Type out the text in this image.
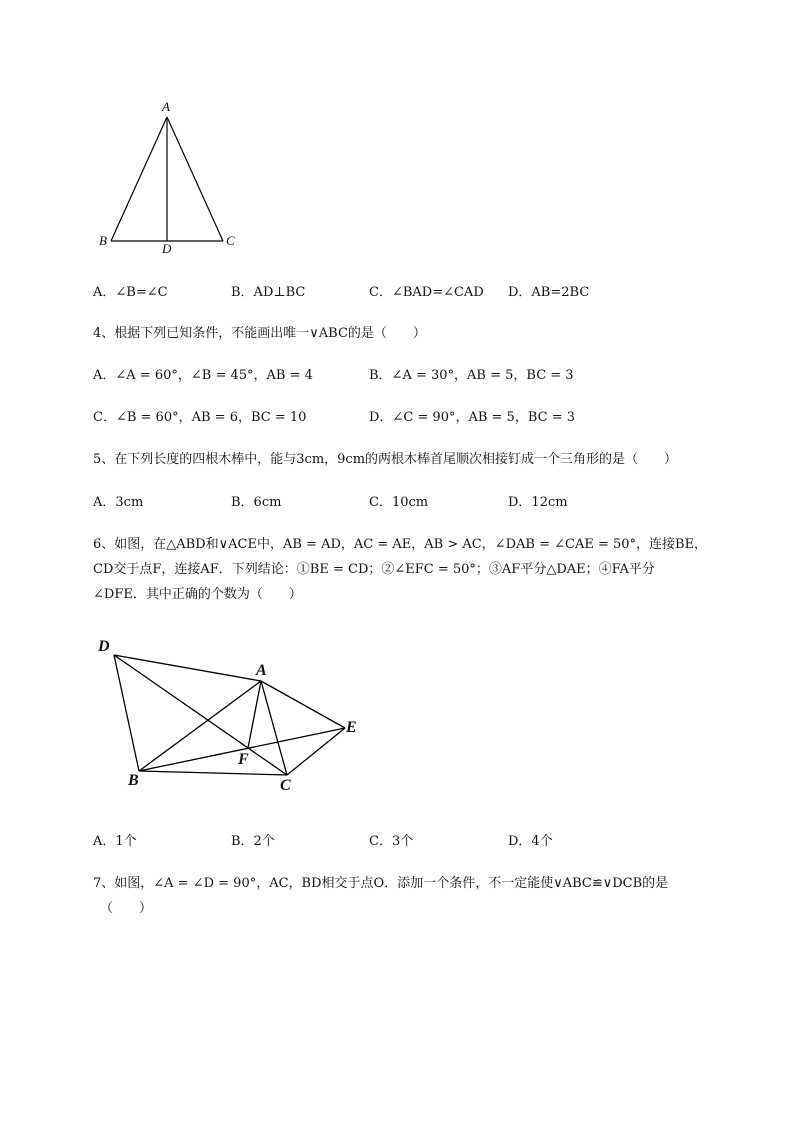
A
B	C
D
A．∠B=∠C	B．AD⊥BC	C．∠BAD=∠CAD D．AB=2BC
4、根据下列已知条件，不能画出唯一∨ABC的是（　　）
A．∠A = 60°，∠B = 45°，AB = 4	B．∠A = 30°，AB = 5，BC = 3
C．∠B = 60°，AB = 6，BC = 10	D．∠C = 90°，AB = 5，BC = 3
5、在下列长度的四根木棒中，能与3cm，9cm的两根木棒首尾顺次相接钉成一个三角形的是（　　）
A．3cm	B．6cm	C．10cm	D．12cm
6、如图，在△ABD和∨ACE中，AB = AD，AC = AE，AB > AC，∠DAB = ∠CAE = 50°，连接BE，
CD交于点F，连接AF．下列结论：①BE = CD；②∠EFC = 50°；③AF平分△DAE；④FA平分
∠DFE．其中正确的个数为（　　）
D
A
E
F
B	C
A．1个	B．2个	C．3个	D．4个
7、如图，∠A = ∠D = 90°，AC，BD相交于点O．添加一个条件，不一定能使∨ABC≌∨DCB的是
（　　）
